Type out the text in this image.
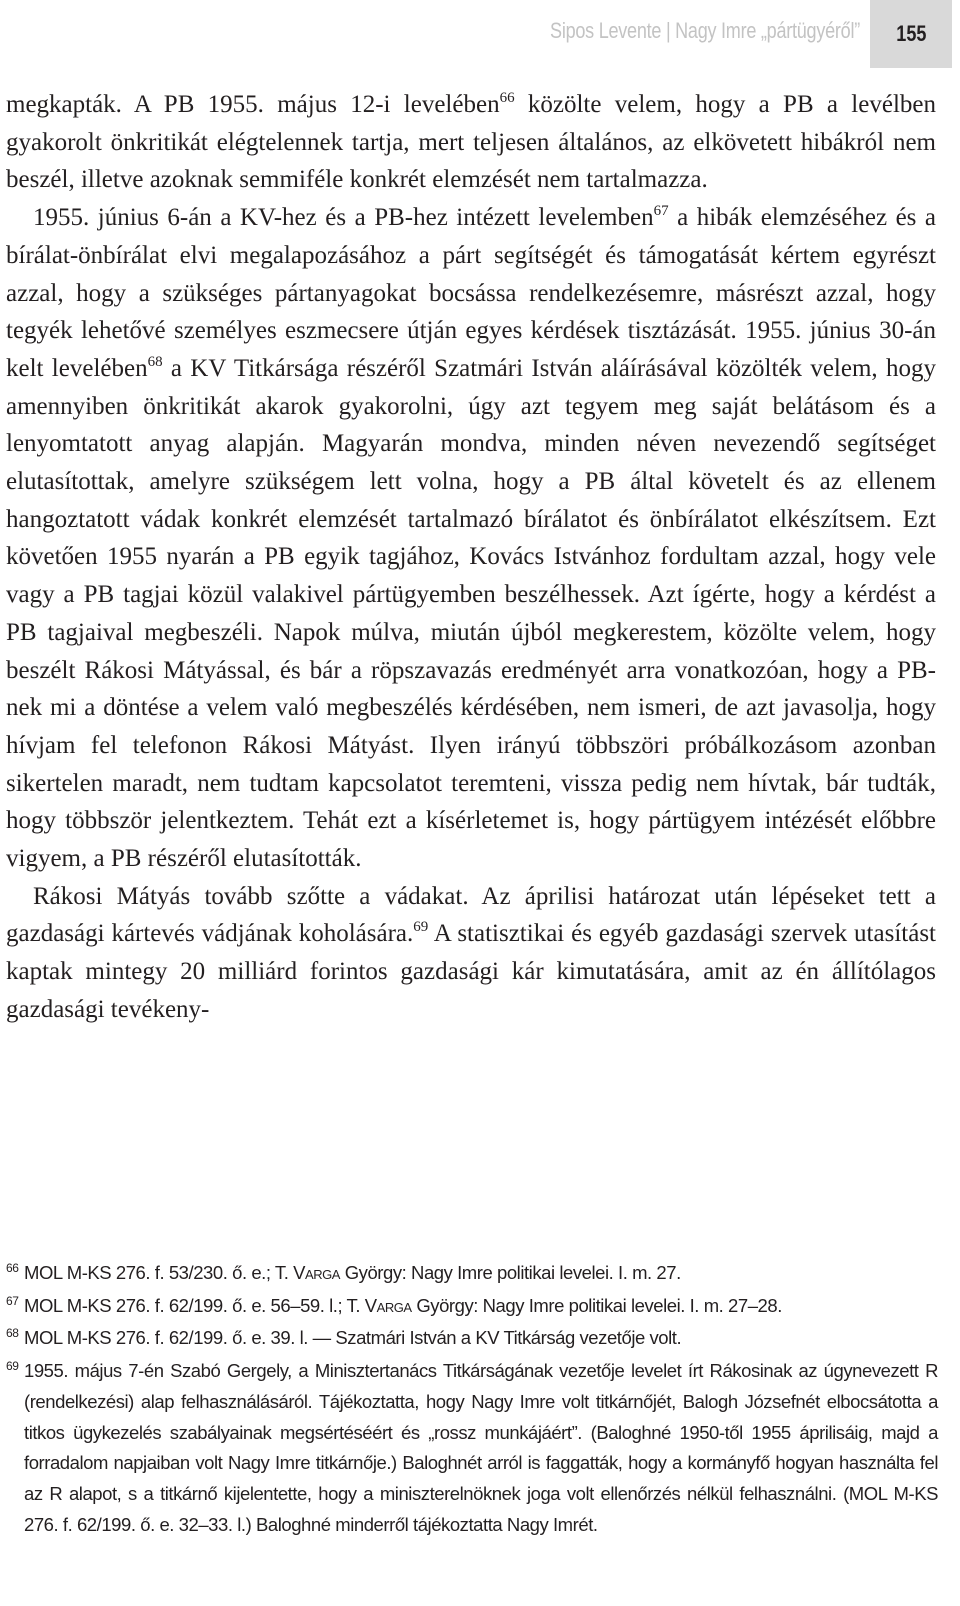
Sipos Levente | Nagy Imre „pártügyéről” 155

megkapták. A PB 1955. május 12-i levelében$^{66}$ közölte velem, hogy a PB a levélben gyakorolt önkritikát elégtelennek tartja, mert teljesen általános, az elkövetett hibákról nem beszél, illetve azoknak semmiféle konkrét elemzését nem tartalmazza.

1955. június 6-án a KV-hez és a PB-hez intézett levelemben$^{67}$ a hibák elemzéséhez és a bírálat-önbírálat elvi megalapozásához a párt segítségét és támogatását kértem egyrészt azzal, hogy a szükséges pártanyagokat bocsássa rendelkezésemre, másrészt azzal, hogy tegyék lehetővé személyes eszmecsere útján egyes kérdések tisztázását. 1955. június 30-án kelt levelében$^{68}$ a KV Titkársága részéről Szatmári István aláírásával közölték velem, hogy amennyiben önkritikát akarok gyakorolni, úgy azt tegyem meg saját belátásom és a lenyomtatott anyag alapján. Magyarán mondva, minden néven nevezendő segítséget elutasítottak, amelyre szükségem lett volna, hogy a PB által követelt és az ellenem hangoztatott vádak konkrét elemzését tartalmazó bírálatot és önbírálatot elkészítsem. Ezt követően 1955 nyarán a PB egyik tagjához, Kovács Istvánhoz fordultam azzal, hogy vele vagy a PB tagjai közül valakivel pártügyemben beszélhessek. Azt ígérte, hogy a kérdést a PB tagjaival megbeszéli. Napok múlva, miután újból megkerestem, közölte velem, hogy beszélt Rákosi Mátyással, és bár a röpszavazás eredményét arra vonatkozóan, hogy a PB-nek mi a döntése a velem való megbeszélés kérdésében, nem ismeri, de azt javasolja, hogy hívjam fel telefonon Rákosi Mátyást. Ilyen irányú többszöri próbálkozásom azonban sikertelen maradt, nem tudtam kapcsolatot teremteni, vissza pedig nem hívtak, bár tudták, hogy többször jelentkeztem. Tehát ezt a kísérletemet is, hogy pártügyem intézését előbbre vigyem, a PB részéről elutasították.

Rákosi Mátyás tovább szőtte a vádakat. Az áprilisi határozat után lépéseket tett a gazdasági kártevés vádjának koholására.$^{69}$ A statisztikai és egyéb gazdasági szervek utasítást kaptak mintegy 20 milliárd forintos gazdasági kár kimutatására, amit az én állítólagos gazdasági tevékeny-

66 MOL M-KS 276. f. 53/230. ő. e.; T. Varga György: Nagy Imre politikai levelei. I. m. 27.
67 MOL M-KS 276. f. 62/199. ő. e. 56–59. l.; T. Varga György: Nagy Imre politikai levelei. I. m. 27–28.
68 MOL M-KS 276. f. 62/199. ő. e. 39. l. — Szatmári István a KV Titkárság vezetője volt.
69 1955. május 7-én Szabó Gergely, a Minisztertanács Titkárságának vezetője levelet írt Rákosinak az úgynevezett R (rendelkezési) alap felhasználásáról. Tájékoztatta, hogy Nagy Imre volt titkárnőjét, Balogh Józsefnét elbocsátotta a titkos ügykezelés szabályainak megsértéséért és „rossz munkájáért”. (Baloghné 1950-től 1955 áprilisáig, majd a forradalom napjaiban volt Nagy Imre titkárnője.) Baloghnét arról is faggatták, hogy a kormányfő hogyan használta fel az R alapot, s a titkárnő kijelentette, hogy a miniszterelnöknek joga volt ellenőrzés nélkül felhasználni. (MOL M-KS 276. f. 62/199. ő. e. 32–33. l.) Baloghné minderről tájékoztatta Nagy Imrét.
